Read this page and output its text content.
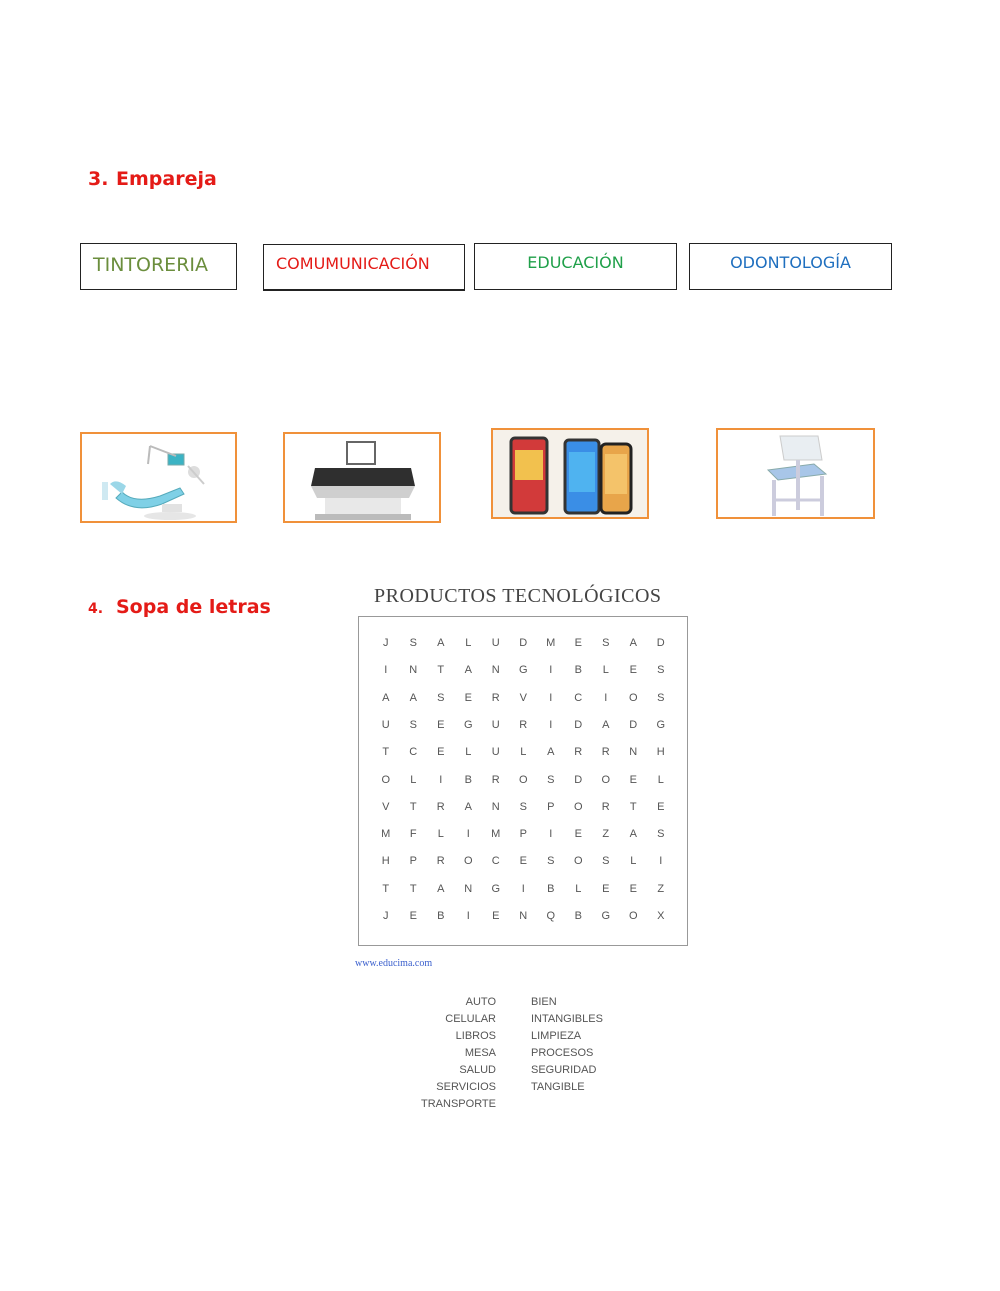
3. Empareja
TINTORERIA	COMUMUNICACIÓN	EDUCACIÓN	ODONTOLOGÍA
4. Sopa de letras	PRODUCTOS TECNOLÓGICOS
J	S	A	L	U	D	M	E	S	A	D
I	N	T	A	N	G	I	B	L	E	S
A	A	S	E	R	V	I	C	I	O	S
U	S	E	G	U	R	I	D	A	D	G
T	C	E	L	U	L	A	R	R	N	H
O	L	I	B	R	O	S	D	O	E	L
V	T	R	A	N	S	P	O	R	T	E
M	F	L	I	M	P	I	E	Z	A	S
H	P	R	O	C	E	S	O	S	L	I
T	T	A	N	G	I	B	L	E	E	Z
J	E	B	I	E	N	Q	B	G	O	X
www.educima.com
AUTO
CELULAR
LIBROS
MESA
SALUD
SERVICIOS
TRANSPORTE
BIEN
INTANGIBLES
LIMPIEZA
PROCESOS
SEGURIDAD
TANGIBLE
